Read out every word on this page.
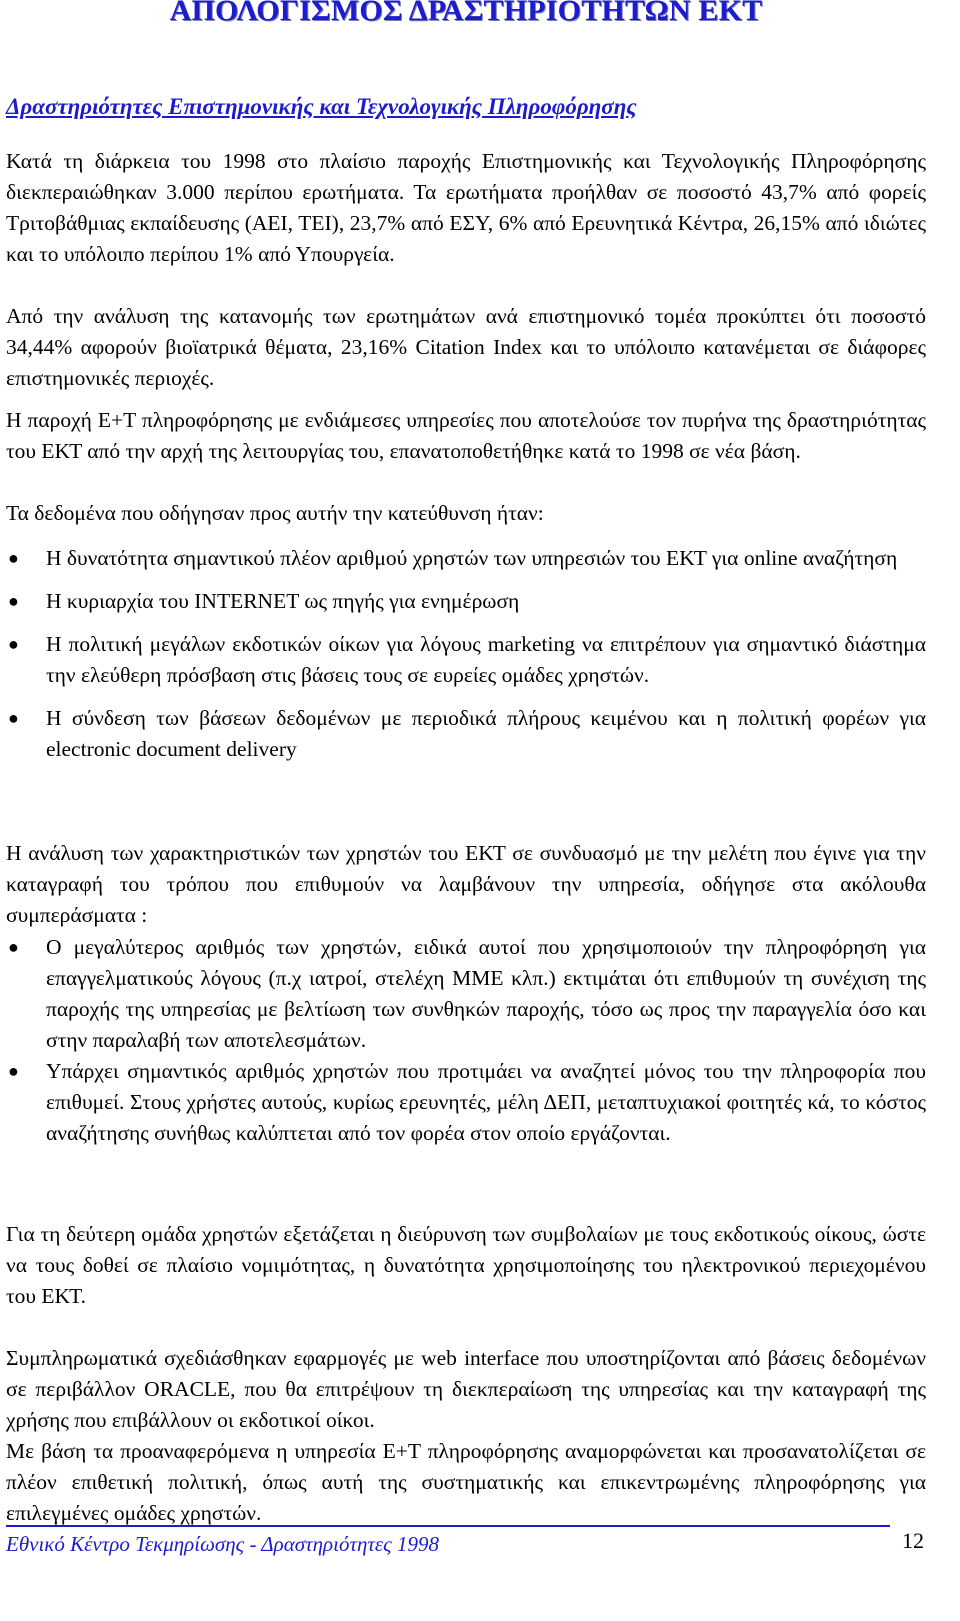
ΑΠΟΛΟΓΙΣΜΟΣ ΔΡΑΣΤΗΡΙΟΤΗΤΩΝ ΕΚΤ
Δραστηριότητες Επιστημονικής και Τεχνολογικής Πληροφόρησης

Κατά τη διάρκεια του 1998 στο πλαίσιο παροχής Επιστημονικής και Τεχνολογικής Πληροφόρησης διεκπεραιώθηκαν 3.000 περίπου ερωτήματα. Τα ερωτήματα προήλθαν σε ποσοστό 43,7% από φορείς Τριτοβάθμιας εκπαίδευσης (ΑΕΙ, ΤΕΙ), 23,7% από ΕΣΥ, 6% από Ερευνητικά Κέντρα, 26,15% από ιδιώτες και το υπόλοιπο περίπου 1% από Υπουργεία.

Από την ανάλυση της κατανομής των ερωτημάτων ανά επιστημονικό τομέα προκύπτει ότι ποσοστό 34,44% αφορούν βιοϊατρικά θέματα, 23,16% Citation Index και το υπόλοιπο κατανέμεται σε διάφορες επιστημονικές περιοχές.

Η παροχή Ε+Τ πληροφόρησης με ενδιάμεσες υπηρεσίες που αποτελούσε τον πυρήνα της δραστηριότητας του ΕΚΤ από την αρχή της λειτουργίας του, επανατοποθετήθηκε κατά το 1998 σε νέα βάση.

Τα δεδομένα που οδήγησαν προς αυτήν την κατεύθυνση ήταν:

● Η δυνατότητα σημαντικού πλέον αριθμού χρηστών των υπηρεσιών του ΕΚΤ για online αναζήτηση
● Η κυριαρχία του INTERNET ως πηγής για ενημέρωση
● Η πολιτική μεγάλων εκδοτικών οίκων για λόγους marketing να επιτρέπουν για σημαντικό διάστημα την ελεύθερη πρόσβαση στις βάσεις τους σε ευρείες ομάδες χρηστών.
● Η σύνδεση των βάσεων δεδομένων με περιοδικά πλήρους κειμένου και η πολιτική φορέων για electronic document delivery

Η ανάλυση των χαρακτηριστικών των χρηστών του ΕΚΤ σε συνδυασμό με την μελέτη που έγινε για την καταγραφή του τρόπου που επιθυμούν να λαμβάνουν την υπηρεσία, οδήγησε στα ακόλουθα συμπεράσματα :

● Ο μεγαλύτερος αριθμός των χρηστών, ειδικά αυτοί που χρησιμοποιούν την πληροφόρηση για επαγγελματικούς λόγους (π.χ ιατροί, στελέχη ΜΜΕ κλπ.) εκτιμάται ότι επιθυμούν τη συνέχιση της παροχής της υπηρεσίας με βελτίωση των συνθηκών παροχής, τόσο ως προς την παραγγελία όσο και στην παραλαβή των αποτελεσμάτων.
● Υπάρχει σημαντικός αριθμός χρηστών που προτιμάει να αναζητεί μόνος του την πληροφορία που επιθυμεί. Στους χρήστες αυτούς, κυρίως ερευνητές, μέλη ΔΕΠ, μεταπτυχιακοί φοιτητές κά, το κόστος αναζήτησης συνήθως καλύπτεται από τον φορέα στον οποίο εργάζονται.

Για τη δεύτερη ομάδα χρηστών εξετάζεται η διεύρυνση των συμβολαίων με τους εκδοτικούς οίκους, ώστε να τους δοθεί σε πλαίσιο νομιμότητας, η δυνατότητα χρησιμοποίησης του ηλεκτρονικού περιεχομένου του ΕΚΤ.

Συμπληρωματικά σχεδιάσθηκαν εφαρμογές με web interface που υποστηρίζονται από βάσεις δεδομένων σε περιβάλλον ORACLE, που θα επιτρέψουν τη διεκπεραίωση της υπηρεσίας και την καταγραφή της χρήσης που επιβάλλουν οι εκδοτικοί οίκοι.

Με βάση τα προαναφερόμενα η υπηρεσία Ε+Τ πληροφόρησης αναμορφώνεται και προσανατολίζεται σε πλέον επιθετική πολιτική, όπως αυτή της συστηματικής και επικεντρωμένης πληροφόρησης για επιλεγμένες ομάδες χρηστών.

Εθνικό Κέντρο Τεκμηρίωσης - Δραστηριότητες 1998	12
